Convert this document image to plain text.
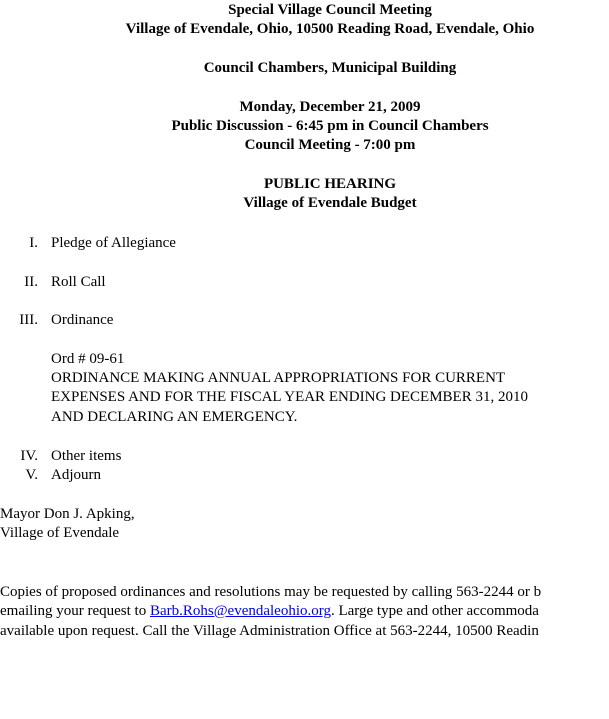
Special Village Council Meeting
Village of Evendale, Ohio, 10500 Reading Road, Evendale, Ohio
Council Chambers, Municipal Building
Monday, December 21, 2009
Public Discussion - 6:45 pm in Council Chambers
Council Meeting - 7:00 pm
PUBLIC HEARING
Village of Evendale Budget
I. Pledge of Allegiance
II. Roll Call
III. Ordinance
Ord # 09-61
ORDINANCE MAKING ANNUAL APPROPRIATIONS FOR CURRENT
EXPENSES AND FOR THE FISCAL YEAR ENDING DECEMBER 31, 2010
AND DECLARING AN EMERGENCY.
IV. Other items
V. Adjourn
Mayor Don J. Apking,
Village of Evendale
Copies of proposed ordinances and resolutions may be requested by calling 563-2244 or b
emailing your request to Barb.Rohs@evendaleohio.org. Large type and other accommoda
available upon request. Call the Village Administration Office at 563-2244, 10500 Readin
